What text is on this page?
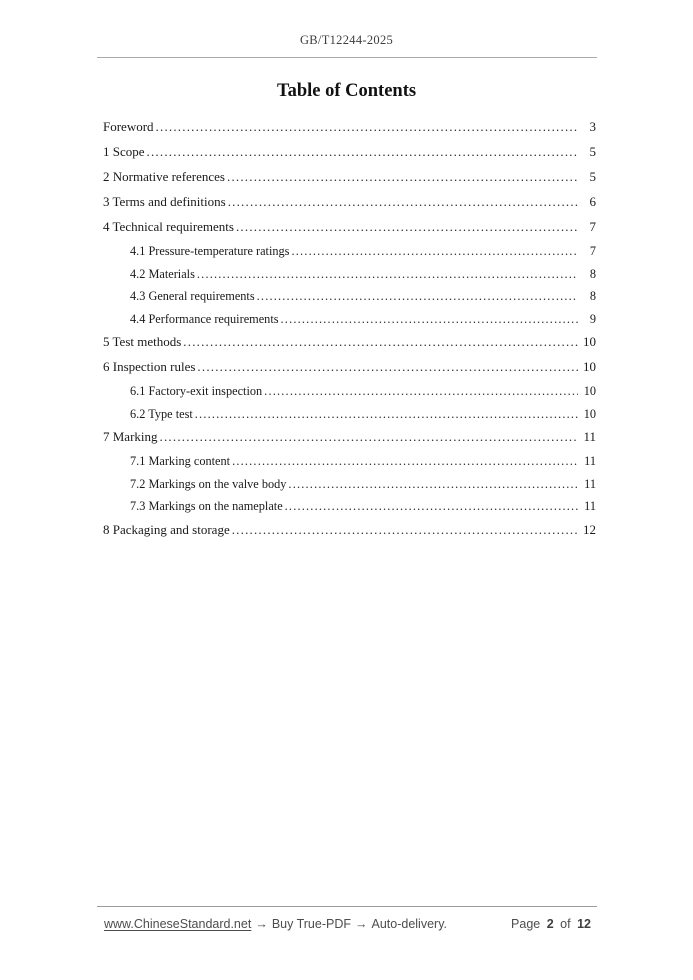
GB/T12244-2025
Table of Contents
Foreword .....	3
1 Scope .....	5
2 Normative references .....	5
3 Terms and definitions .....	6
4 Technical requirements .....	7
4.1 Pressure-temperature ratings .....	7
4.2 Materials .....	8
4.3 General requirements .....	8
4.4 Performance requirements .....	9
5 Test methods .....	10
6 Inspection rules .....	10
6.1 Factory-exit inspection .....	10
6.2 Type test .....	10
7 Marking .....	11
7.1 Marking content .....	11
7.2 Markings on the valve body .....	11
7.3 Markings on the nameplate .....	11
8 Packaging and storage .....	12
www.ChineseStandard.net → Buy True-PDF → Auto-delivery.	Page 2 of 12
